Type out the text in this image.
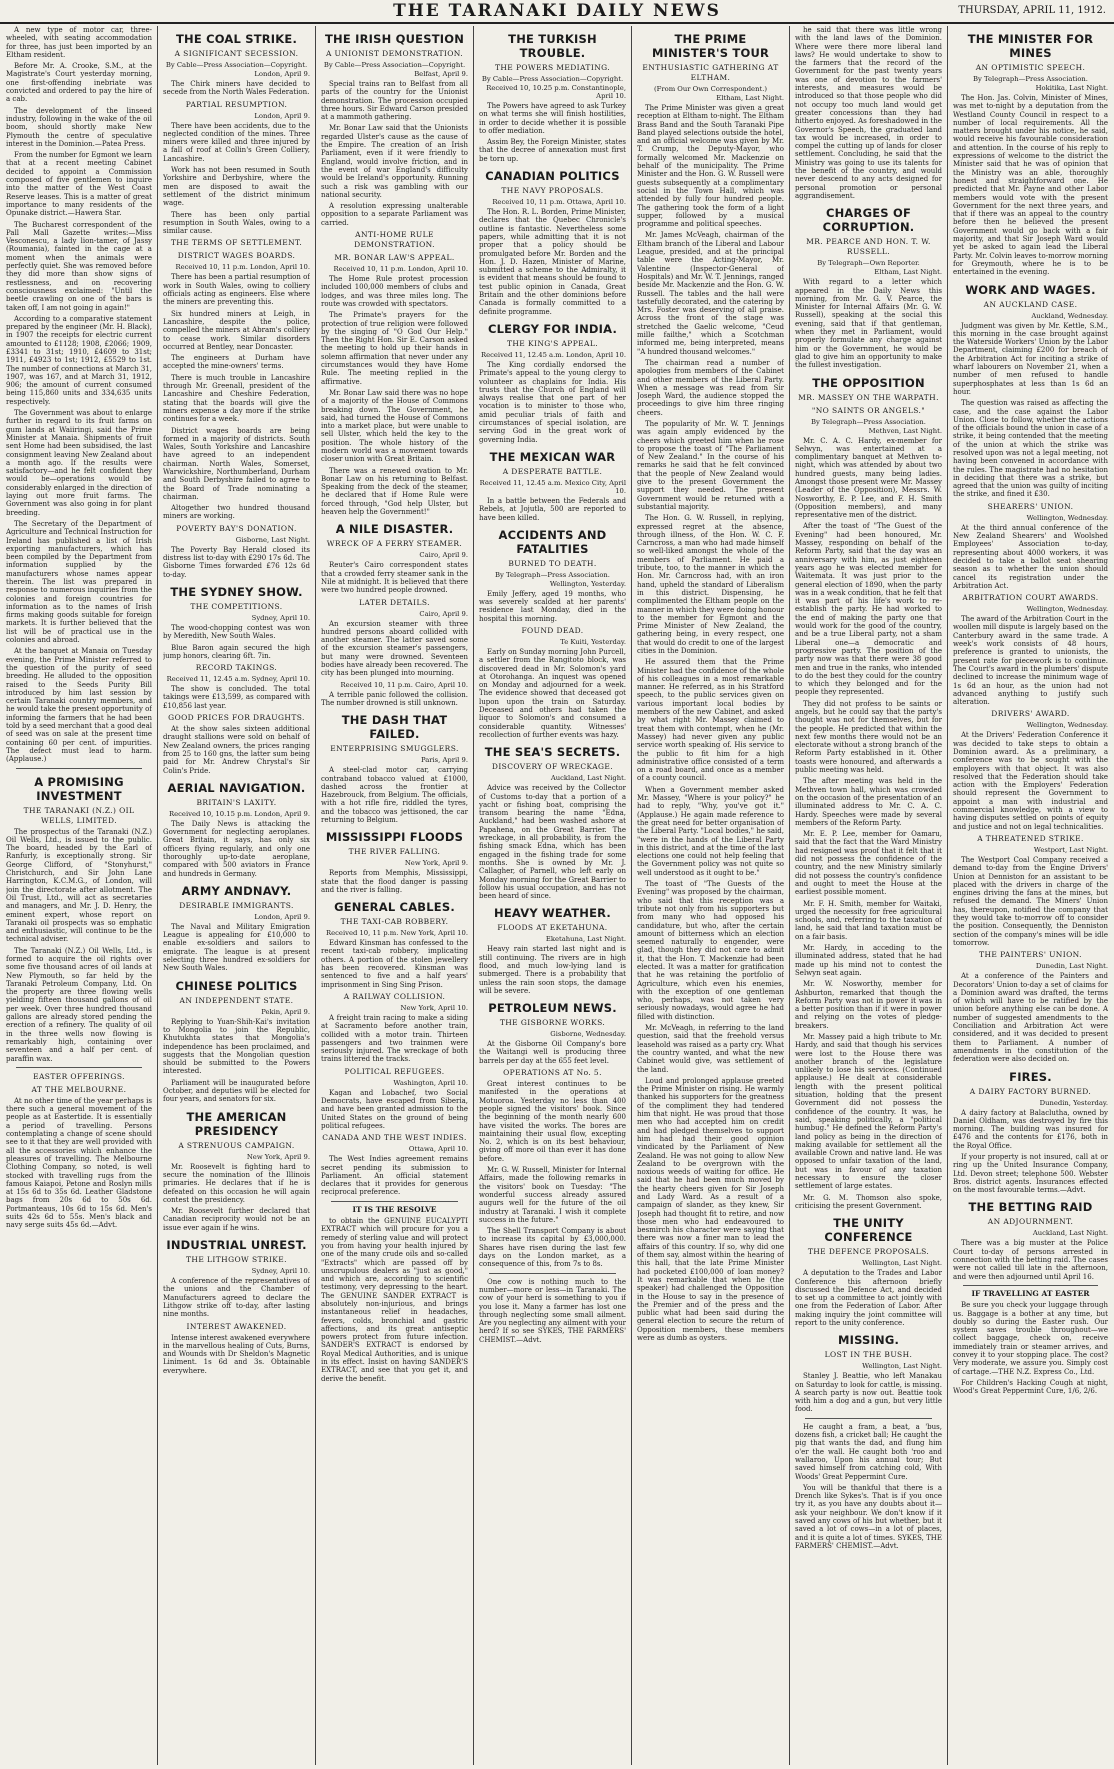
THE TARANAKI DAILY NEWS	THURSDAY, APRIL 11, 1912.

A new type of motor car, three-wheeled, with seating accommodation for three, has just been imported by an Eltham resident.

Before Mr. A. Crooke, S.M., at the Magistrate's Court yesterday morning, one first-offending inebriate was convicted and ordered to pay the hire of a cab.

The development of the linseed industry, following in the wake of the oil boom, should shortly make New Plymouth the centre of speculative interest in the Dominion.—Patea Press.

From the number for Egmont we learn that at a recent meeting Cabinet decided to appoint a Commission composed of five gentlemen to inquire into the matter of the West Coast Reserve leases. This is a matter of great importance to many residents of the Opunake district.—Hawera Star.

The Bucharest correspondent of the Pall Mall Gazette writes:—Miss Vesconescu, a lady lion-tamer, of Jassy (Roumania), fainted in the cage at a moment when the animals were perfectly quiet. She was removed before they did more than show signs of restlessness, and on recovering consciousness exclaimed: "Until the beetle crawling on one of the bars is taken off, I am not going in again!"

According to a comparative statement prepared by the engineer (Mr. H. Black), in 1907 the receipts for electric current amounted to £1128; 1908, £2066; 1909, £3341 to 31st; 1910, £4609 to 31st; 1911, £4923 to 1st; 1912, £5529 to 1st. The number of connections at March 31, 1907, was 167, and at March 31, 1912, 906; the amount of current consumed being 115,860 units and 334,635 units respectively.

The Government was about to enlarge further in regard to its fruit farms on gum lands at Waiiringi, said the Prime Minister at Manaia. Shipments of fruit sent Home had been subsidised, the last consignment leaving New Zealand about a month ago. If the results were satisfactory—and he felt confident they would be—operations would be considerably enlarged in the direction of laying out more fruit farms. The Government was also going in for plant breeding.

The Secretary of the Department of Agriculture and Technical Instruction for Ireland has published a list of Irish exporting manufacturers, which has been compiled by the Department from information supplied by the manufacturers whose names appear therein. The list was prepared in response to numerous inquiries from the colonies and foreign countries for information as to the names of Irish firms making goods suitable for foreign markets. It is further believed that the list will be of practical use in the colonies and abroad.

At the banquet at Manaia on Tuesday evening, the Prime Minister referred to the question of the purity of seed breeding. He alluded to the opposition raised to the Seeds Purity Bill introduced by him last session by certain Taranaki country members, and he would take the present opportunity of informing the farmers that he had been told by a seed merchant that a good deal of seed was on sale at the present time containing 60 per cent. of impurities. The defect must lead to harm. (Applause.)

A PROMISING INVESTMENT
THE TARANAKI (N.Z.) OIL WELLS, LIMITED.

The prospectus of the Taranaki (N.Z.) Oil Wells, Ltd., is issued to the public. The board, headed by the Earl of Ranfurly, is exceptionally strong. Sir George Clifford, of "Stonyhurst," Christchurch, and Sir John Lane Harrington, K.C.M.G., of London, will join the directorate after allotment. The Oil Trust, Ltd., will act as secretaries and managers, and Mr. J. D. Henry, the eminent expert, whose report on Taranaki oil prospects was so emphatic and enthusiastic, will continue to be the technical adviser.

The Taranaki (N.Z.) Oil Wells, Ltd., is formed to acquire the oil rights over some five thousand acres of oil lands at New Plymouth, so far held by the Taranaki Petroleum Company, Ltd. On the property are three flowing wells yielding fifteen thousand gallons of oil per week. Over three hundred thousand gallons are already stored pending the erection of a refinery. The quality of oil in the three wells now flowing is remarkably high, containing over seventeen and a half per cent. of paraffin wax.

EASTER OFFERINGS.
AT THE MELBOURNE.

At no other time of the year perhaps is there such a general movement of the people as at Eastertide. It is essentially a period of travelling. Persons contemplating a change of scene should see to it that they are well provided with all the accessories which enhance the pleasures of travelling. The Melbourne Clothing Company, so noted, is well stocked with travelling rugs from the famous Kaiapoi, Petone and Roslyn mills at 15s 6d to 35s 6d. Leather Gladstone bags from 20s 6d to 50s 6d. Portmanteaus, 10s 6d to 15s 6d. Men's suits 42s 6d to 55s. Men's black and navy serge suits 45s 6d.—Advt.

THE COAL STRIKE.
A SIGNIFICANT SECESSION.
By Cable—Press Association—Copyright.
London, April 9.

The Chirk miners have decided to secede from the North Wales Federation.

PARTIAL RESUMPTION.
London, April 9.

There have been accidents, due to the neglected condition of the mines. Three miners were killed and three injured by a fall of roof at Collin's Green Colliery, Lancashire.

Work has not been resumed in South Yorkshire and Derbyshire, where the men are disposed to await the settlement of the district minimum wage.

There has been only partial resumption in South Wales, owing to a similar cause.

THE TERMS OF SETTLEMENT.
DISTRICT WAGES BOARDS.
Received 10, 11 p.m. London, April 10.

There has been a partial resumption of work in South Wales, owing to colliery officials acting as engineers. Else where the miners are preventing this.

Six hundred miners at Leigh, in Lancashire, despite the police, compelled the miners at Abram's colliery to cease work. Similar disorders occurred at Bentley, near Doncaster.

The engineers at Durham have accepted the mine-owners' terms.

There is much trouble in Lancashire through Mr. Greenall, president of the Lancashire and Cheshire Federation, stating that the boards will give the miners expense a day more if the strike continues for a week.

District wages boards are being formed in a majority of districts. South Wales, South Yorkshire and Lancashire have agreed to an independent chairman. North Wales, Somerset, Warwickshire, Northumberland, Durham and South Derbyshire failed to agree to the Board of Trade nominating a chairman.

Altogether two hundred thousand miners are working.

POVERTY BAY'S DONATION.
Gisborne, Last Night.

The Poverty Bay Herald closed its distress list to-day with £290 17s 6d. The Gisborne Times forwarded £76 12s 6d to-day.

THE SYDNEY SHOW.
THE COMPETITIONS.
Sydney, April 10.

The wood-chopping contest was won by Meredith, New South Wales.

Blue Baron again secured the high jump honors, clearing 6ft. 7in.

RECORD TAKINGS.
Received 11, 12.45 a.m. Sydney, April 10.

The show is concluded. The total takings were £13,599, as compared with £10,856 last year.

GOOD PRICES FOR DRAUGHTS.

At the show sales sixteen additional draught stallions were sold on behalf of New Zealand owners, the prices ranging from 25 to 160 gns, the latter sum being paid for Mr. Andrew Chrystal's Sir Colin's Pride.

AERIAL NAVIGATION.
BRITAIN'S LAXITY.
Received 10, 10.15 p.m. London, April 9.

The Daily News is attacking the Government for neglecting aeroplanes. Great Britain, it says, has only six officers flying regularly, and only one thoroughly up-to-date aeroplane, compared with 500 aviators in France and hundreds in Germany.

ARMY ANDNAVY.
DESIRABLE IMMIGRANTS.
London, April 9.

The Naval and Military Emigration League is appealing for £10,000 to enable ex-soldiers and sailors to emigrate. The league is at present selecting three hundred ex-soldiers for New South Wales.

CHINESE POLITICS
AN INDEPENDENT STATE.
Pekin, April 9.

Replying to Yuan-Shih-Kai's invitation to Mongolia to join the Republic, Khutukhta states that Mongolia's independence has been proclaimed, and suggests that the Mongolian question should be submitted to the Powers interested.

Parliament will be inaugurated before October, and deputies will be elected for four years, and senators for six.

THE AMERICAN PRESIDENCY
A STRENUOUS CAMPAIGN.
New York, April 9.

Mr. Roosevelt is fighting hard to secure the nomination of the Illinois primaries. He declares that if he is defeated on this occasion he will again contest the presidency.

Mr. Roosevelt further declared that Canadian reciprocity would not be an issue ever again if he wins.

INDUSTRIAL UNREST.
THE LITHGOW STRIKE.
Sydney, April 10.

A conference of the representatives of the unions and the Chamber of Manufacturers agreed to declare the Lithgow strike off to-day, after lasting nine months.

INTEREST AWAKENED.

Intense interest awakened everywhere in the marvellous healing of Cuts, Burns, and Wounds with Dr Sheldon's Magnetic Liniment. 1s 6d and 3s. Obtainable everywhere.

THE IRISH QUESTION
A UNIONIST DEMONSTRATION.
By Cable—Press Association—Copyright.
Belfast, April 9.

Special trains ran to Belfast from all parts of the country for the Unionist demonstration. The procession occupied three hours. Sir Edward Carson presided at a mammoth gathering.

Mr. Bonar Law said that the Unionists regarded Ulster's cause as the cause of the Empire. The creation of an Irish Parliament, even if it were friendly to England, would involve friction, and in the event of war England's difficulty would be Ireland's opportunity. Running such a risk was gambling with our national security.

A resolution expressing unalterable opposition to a separate Parliament was carried.

ANTI-HOME RULE DEMONSTRATION.
MR. BONAR LAW'S APPEAL.
Received 10, 11 p.m. London, April 10.

The Home Rule protest procession included 100,000 members of clubs and lodges, and was three miles long. The route was crowded with spectators.

The Primate's prayers for the protection of true religion were followed by the singing of "O God Our Help." Then the Right Hon. Sir E. Carson asked the meeting to hold up their hands in solemn affirmation that never under any circumstances would they have Home Rule. The meeting replied in the affirmative.

Mr. Bonar Law said there was no hope of a majority of the House of Commons breaking down. The Government, he said, had turned the House of Commons into a market place, but were unable to sell Ulster, which held the key to the position. The whole history of the modern world was a movement towards closer union with Great Britain.

There was a renewed ovation to Mr. Bonar Law on his returning to Belfast. Speaking from the deck of the steamer, he declared that if Home Rule were forced through, "God help Ulster, but heaven help the Government!"

A NILE DISASTER.
WRECK OF A FERRY STEAMER.
Cairo, April 9.

Reuter's Cairo correspondent states that a crowded ferry steamer sank in the Nile at midnight. It is believed that there were two hundred people drowned.

LATER DETAILS.
Cairo, April 9.

An excursion steamer with three hundred persons aboard collided with another steamer. The latter saved some of the excursion steamer's passengers, but many were drowned. Seventeen bodies have already been recovered. The city has been plunged into mourning.

Received 10, 11 p.m. Cairo, April 10.

A terrible panic followed the collision. The number drowned is still unknown.

THE DASH THAT FAILED.
ENTERPRISING SMUGGLERS.
Paris, April 9.

A steel-clad motor car, carrying contraband tobacco valued at £1000, dashed across the frontier at Hazebrouck, from Belgium. The officials, with a hot rifle fire, riddled the tyres, and the tobacco was jettisoned, the car returning to Belgium.

MISSISSIPPI FLOODS
THE RIVER FALLING.
New York, April 9.

Reports from Memphis, Mississippi, state that the flood danger is passing and the river is falling.

GENERAL CABLES.
THE TAXI-CAB ROBBERY.
Received 10, 11 p.m. New York, April 10.

Edward Kinsman has confessed to the recent taxi-cab robbery, implicating others. A portion of the stolen jewellery has been recovered. Kinsman was sentenced to five and a half years' imprisonment in Sing Sing Prison.

A RAILWAY COLLISION.
New York, April 10.

A freight train racing to make a siding at Sacramento before another train, collided with a motor train. Thirteen passengers and two trainmen were seriously injured. The wreckage of both trains littered the tracks.

POLITICAL REFUGEES.
Washington, April 10.

Kagan and Lobachef, two Social Democrats, have escaped from Siberia, and have been granted admission to the United States on the ground of being political refugees.

CANADA AND THE WEST INDIES.
Ottawa, April 10.

The West Indies agreement remains secret pending its submission to Parliament. An official statement declares that it provides for generous reciprocal preference.

IT IS THE RESOLVE

to obtain the GENUINE EUCALYPTI EXTRACT which will procure for you a remedy of sterling value and will protect you from having your health injured by one of the many crude oils and so-called "Extracts" which are passed off by unscrupulous dealers as "just as good," and which are, according to scientific testimony, very depressing to the heart. The GENUINE SANDER EXTRACT is absolutely non-injurious, and brings instantaneous relief in headaches, fevers, colds, bronchial and gastric affections, and its great antiseptic powers protect from future infection. SANDER'S EXTRACT is endorsed by Royal Medical Authorities, and is unique in its effect. Insist on having SANDER'S EXTRACT, and see that you get it, and derive the benefit.

THE TURKISH TROUBLE.
THE POWERS MEDIATING.
By Cable—Press Association—Copyright.
Received 10, 10.25 p.m. Constantinople, April 10.

The Powers have agreed to ask Turkey on what terms she will finish hostilities, in order to decide whether it is possible to offer mediation.

Assim Bey, the Foreign Minister, states that the decree of annexation must first be torn up.

CANADIAN POLITICS
THE NAVY PROPOSALS.
Received 10, 11 p.m. Ottawa, April 10.

The Hon. R. L. Borden, Prime Minister, declares that the Quebec Chronicle's outline is fantastic. Nevertheless some papers, while admitting that it is not proper that a policy should be promulgated before Mr. Borden and the Hon. J. D. Hazen, Minister of Marine, submitted a scheme to the Admiralty, it is evident that means should be found to test public opinion in Canada, Great Britain and the other dominions before Canada is formally committed to a definite programme.

CLERGY FOR INDIA.
THE KING'S APPEAL.
Received 11, 12.45 a.m. London, April 10.

The King cordially endorsed the Primate's appeal to the young clergy to volunteer as chaplains for India. His trusts that the Church of England will always realise that one part of her vocation is to minister to those who, amid peculiar trials of faith and circumstances of special isolation, are serving God in the great work of governing India.

THE MEXICAN WAR
A DESPERATE BATTLE.
Received 11, 12.45 a.m. Mexico City, April 10.

In a battle between the Federals and Rebels, at Jojutla, 500 are reported to have been killed.

ACCIDENTS AND FATALITIES
BURNED TO DEATH.
By Telegraph—Press Association.
Wellington, Yesterday.

Emily Jeffery, aged 19 months, who was severely scalded at her parents' residence last Monday, died in the hospital this morning.

FOUND DEAD.
Te Kuiti, Yesterday.

Early on Sunday morning John Purcell, a settler from the Rangitoto block, was discovered dead in Mr. Solomon's yard at Otorohanga. An inquest was opened on Monday and adjourned for a week. The evidence showed that deceased got lupon upon the train on Saturday. Deceased and others had taken the liquor to Solomon's and consumed a considerable quantity. Witnesses' recollection of further events was hazy.

THE SEA'S SECRETS.
DISCOVERY OF WRECKAGE.
Auckland, Last Night.

Advice was received by the Collector of Customs to-day that a portion of a yacht or fishing boat, comprising the transom bearing the name "Edna, Auckland," had been washed ashore at Papahena, on the Great Barrier. The wreckage, in all probability, is from the fishing smack Edna, which has been engaged in the fishing trade for some months. She is owned by Mr. J. Callagher, of Parnell, who left early on Monday morning for the Great Barrier to follow his usual occupation, and has not been heard of since.

HEAVY WEATHER.
FLOODS AT EKETAHUNA.
Eketahuna, Last Night.

Heavy rain started last night and is still continuing. The rivers are in high flood, and much low-lying land is submerged. There is a probability that unless the rain soon stops, the damage will be severe.

PETROLEUM NEWS.
THE GISBORNE WORKS.
Gisborne, Wednesday.

At the Gisborne Oil Company's bore the Waitangi well is producing three barrels per day at the 655 feet level.

OPERATIONS AT No. 5.

Great interest continues to be manifested in the operations at Motuoroa. Yesterday no less than 400 people signed the visitors' book. Since the beginning of the month nearly 600 have visited the works. The bores are maintaining their usual flow, excepting No. 2, which is on its best behaviour, giving off more oil than ever it has done before.

Mr. G. W. Russell, Minister for Internal Affairs, made the following remarks in the visitors' book on Tuesday: "The wonderful success already assured augurs well for the future of the oil industry at Taranaki. I wish it complete success in the future."

The Shell Transport Company is about to increase its capital by £3,000,000. Shares have risen during the last few days on the London market, as a consequence of this, from 7s to 8s.

One cow is nothing much to the number—more or less—in Taranaki. The cow of your herd is something to you if you lose it. Many a farmer has lost one through neglecting some small ailment. Are you neglecting any ailment with your herd? If so see SYKES, THE FARMERS' CHEMIST.—Advt.

THE PRIME MINISTER'S TOUR
ENTHUSIASTIC GATHERING AT ELTHAM.
(From Our Own Correspondent.)
Eltham, Last Night.

The Prime Minister was given a great reception at Eltham to-night. The Eltham Brass Band and the South Taranaki Pipe Band played selections outside the hotel, and an official welcome was given by Mr. T. Crump, the Deputy-Mayor, who formally welcomed Mr. Mackenzie on behalf of the municipality. The Prime Minister and the Hon. G. W. Russell were guests subsequently at a complimentary social in the Town Hall, which was attended by fully four hundred people. The gathering took the form of a light supper, followed by a musical programme and political speeches.

Mr. James McVeagh, chairman of the Eltham branch of the Liberal and Labour League, presided, and at the principal table were the Acting-Mayor, Mr. Valentine (Inspector-General of Hospitals) and Mr. W. T. Jennings, ranged beside Mr. Mackenzie and the Hon. G. W. Russell. The tables and the hall were tastefully decorated, and the catering by Mrs. Foster was deserving of all praise. Across the front of the stage was stretched the Gaelic welcome, "Ceud mille failthe," which a Scotchman informed me, being interpreted, means "A hundred thousand welcomes."

The chairman read a number of apologies from members of the Cabinet and other members of the Liberal Party. When a message was read from Sir Joseph Ward, the audience stopped the proceedings to give him three ringing cheers.

The popularity of Mr. W. T. Jennings was again amply evidenced by the cheers which greeted him when he rose to propose the toast of "The Parliament of New Zealand." In the course of his remarks he said that he felt convinced that the people of New Zealand would give to the present Government the support they needed. The present Government would be returned with a substantial majority.

The Hon. G. W. Russell, in replying, expressed regret at the absence, through illness, of the Hon. W. C. F. Carncross, a man who had made himself so well-liked amongst the whole of the members of Parliament. He paid a tribute, too, to the manner in which the Hon. Mr. Carncross had, with an iron hand, upheld the standard of Liberalism in this district. Dispensing, he complimented the Eltham people on the manner in which they were doing honour to the member for Egmont and the Prime Minister of New Zealand, the gathering being, in every respect, one that would do credit to one of the largest cities in the Dominion.

He assured them that the Prime Minister had the confidence of the whole of his colleagues in a most remarkable manner. He referred, as in his Stratford speech, to the public services given on various important local bodies by members of the new Cabinet, and asked by what right Mr. Massey claimed to treat them with contempt, when he (Mr. Massey) had never given any public service worth speaking of. His service to the public to fit him for a high administrative office consisted of a term on a road board, and once as a member of a county council.

When a Government member asked Mr. Massey, "Where is your policy?" he had to reply, "Why, you've got it." (Applause.) He again made reference to the great need for better organisation of the Liberal Party. "Local bodies," he said, "were in the hands of the Liberal Party in this district, and at the time of the last elections one could not help feeling that the Government policy was not quite so well understood as it ought to be."

The toast of "The Guests of the Evening" was proposed by the chairman, who said that this reception was a tribute not only from his supporters but from many who had opposed his candidature, but who, after the certain amount of bitterness which an election seemed naturally to engender, were glad, though they did not care to admit it, that the Hon. T. Mackenzie had been elected. It was a matter for gratification that he was retaining the portfolio of Agriculture, which even his enemies, with the exception of one gentleman who, perhaps, was not taken very seriously nowadays, would agree he had filled with distinction.

Mr. McVeagh, in referring to the land question, said that the freehold versus leasehold was raised as a party cry. What the country wanted, and what the new Cabinet would give, was settlement of the land.

Loud and prolonged applause greeted the Prime Minister on rising. He warmly thanked his supporters for the greatness of the compliment they had tendered him that night. He was proud that those men who had accepted him on credit and had pledged themselves to support him had had their good opinion vindicated by the Parliament of New Zealand. He was not going to allow New Zealand to be overgrown with the noxious weeds of waiting for office. He said that he had been much moved by the hearty cheers given for Sir Joseph and Lady Ward. As a result of a campaign of slander, as they knew, Sir Joseph had thought fit to retire, and now those men who had endeavoured to besmirch his character were saying that there was now a finer man to lead the affairs of this country. If so, why did one of them say, almost within the hearing of this hall, that the late Prime Minister had pocketed £100,000 of loan money? It was remarkable that when he (the speaker) had challenged the Opposition in the House to say in the presence of the Premier and of the press and the public what had been said during the general election to secure the return of Opposition members, these members were as dumb as oysters.

he said that there was little wrong with the land laws of the Dominion. Where were there more liberal land laws? He would undertake to show to the farmers that the record of the Government for the past twenty years was one of devotion to the farmers' interests, and measures would be introduced so that those people who did not occupy too much land would get greater concessions than they had hitherto enjoyed. As foreshadowed in the Governor's Speech, the graduated land tax would be increased, in order to compel the cutting up of lands for closer settlement. Concluding, he said that the Ministry was going to use its talents for the benefit of the country, and would never descend to any acts designed for personal promotion or personal aggrandisement.

CHARGES OF CORRUPTION.
MR. PEARCE AND HON. T. W. RUSSELL.
By Telegraph—Own Reporter.
Eltham, Last Night.

With regard to a letter which appeared in the Daily News this morning, from Mr. G. V. Pearce, the Minister for Internal Affairs (Mr. G. W. Russell), speaking at the social this evening, said that if that gentleman, when they met in Parliament, would properly formulate any charge against him or the Government, he would be glad to give him an opportunity to make the fullest investigation.

THE OPPOSITION
MR. MASSEY ON THE WARPATH.
"NO SAINTS OR ANGELS."
By Telegraph—Press Association.
Methven, Last Night.

Mr. C. A. C. Hardy, ex-member for Selwyn, was entertained at a complimentary banquet at Methven to-night, which was attended by about two hundred guests, many being ladies. Amongst those present were Mr. Massey (Leader of the Opposition), Messrs. W. Nosworthy, E. P. Lee, and F. H. Smith (Opposition members), and many representative men of the district.

After the toast of "The Guest of the Evening" had been honoured, Mr. Massey, responding on behalf of the Reform Party, said that the day was an anniversary with him, as just eighteen years ago he was elected member for Waitemata. It was just prior to the general election of 1890, when the party was in a weak condition, that he felt that it was part of his life's work to re-establish the party. He had worked to the end of making the party one that would work for the good of the country, and be a true Liberal party, not a sham Liberal one—a democratic and progressive party. The position of the party now was that there were 38 good men and true in the ranks, who intended to do the best they could for the country to which they belonged and for the people they represented.

They did not profess to be saints or angels, but he could say that the party's thought was not for themselves, but for the people. He predicted that within the next few months there would not be an electorate without a strong branch of the Reform Party established in it. Other toasts were honoured, and afterwards a public meeting was held.

The after meeting was held in the Methven town hall, which was crowded on the occasion of the presentation of an illuminated address to Mr. C. A. C. Hardy. Speeches were made by several members of the Reform Party.

Mr. E. P. Lee, member for Oamaru, said that the fact that the Ward Ministry had resigned was proof that it felt that it did not possess the confidence of the country, and the new Ministry similarly did not possess the country's confidence and ought to meet the House at the earliest possible moment.

Mr. F. H. Smith, member for Waitaki, urged the necessity for free agricultural schools, and, referring to the taxation of land, he said that land taxation must be on a fair basis.

Mr. Hardy, in acceding to the illuminated address, stated that he had made up his mind not to contest the Selwyn seat again.

Mr. W. Nosworthy, member for Ashburton, remarked that though the Reform Party was not in power it was in a better position than if it were in power and relying on the votes of pledge-breakers.

Mr. Massey paid a high tribute to Mr. Hardy, and said that though his services were lost to the House there was another branch of the legislature unlikely to lose his services. (Continued applause.) He dealt at considerable length with the present political situation, holding that the present Government did not possess the confidence of the country. It was, he said, speaking politically, a "political humbug." He defined the Reform Party's land policy as being in the direction of making available for settlement all the available Crown and native land. He was opposed to unfair taxation of the land, but was in favour of any taxation necessary to ensure the closer settlement of large estates.

Mr. G. M. Thomson also spoke, criticising the present Government.

THE UNITY CONFERENCE
THE DEFENCE PROPOSALS.
Wellington, Last Night.

A deputation to the Trades and Labor Conference this afternoon briefly discussed the Defence Act, and decided to set up a committee to act jointly with one from the Federation of Labor. After making inquiry the joint committee will report to the unity conference.

MISSING.
LOST IN THE BUSH.
Wellington, Last Night.

Stanley J. Beattie, who left Manakau on Saturday to look for cattle, is missing. A search party is now out. Beattie took with him a dog and a gun, but very little food.

He caught a fram, a beat, a 'bus, dozens fish, a cricket ball; He caught the pig that wants the dad, and flung him o'er the wall. He caught both 'roo and wallaroo, Upon his annual tour; But saved himself from catching cold, With Woods' Great Peppermint Cure.

You will be thankful that there is a Drench like Sykes's. That is if you once try it, as you have any doubts about it—ask your neighbour. We don't know if it saved any cows of his but whether, but it saved a lot of cows—in a lot of places, and it is quite a lot of times. SYKES, THE FARMERS' CHEMIST.—Advt.

THE MINISTER FOR MINES
AN OPTIMISTIC SPEECH.
By Telegraph—Press Association.
Hokitika, Last Night.

The Hon. Jas. Colvin, Minister of Mines, was met to-night by a deputation from the Westland County Council in respect to a number of local requirements. All the matters brought under his notice, he said, would receive his favourable consideration and attention. In the course of his reply to expressions of welcome to the district the Minister said that he was of opinion that the Ministry was an able, thoroughly honest and straightforward one. He predicted that Mr. Payne and other Labor members would vote with the present Government for the next three years, and that if there was an appeal to the country before then he believed the present Government would go back with a fair majority, and that Sir Joseph Ward would yet be asked to again lead the Liberal Party. Mr. Colvin leaves to-morrow morning for Greymouth, where he is to be entertained in the evening.

WORK AND WAGES.
AN AUCKLAND CASE.
Auckland, Wednesday.

Judgment was given by Mr. Kettle, S.M., this morning in the case brought against the Waterside Workers' Union by the Labor Department, claiming £200 for breach of the Arbitration Act for inciting a strike of wharf labourers on November 21, when a number of men refused to handle superphosphates at less than 1s 6d an hour.

The question was raised as affecting the case, and the case against the Labor Union. Close to follow, whether the actions of the officials bound the union in case of a strike, it being contended that the meeting of the union at which the strike was resolved upon was not a legal meeting, not having been convened in accordance with the rules. The magistrate had no hesitation in deciding that there was a strike, but agreed that the union was guilty of inciting the strike, and fined it £30.

SHEARERS' UNION.
Wellington, Wednesday.

At the third annual conference of the New Zealand Shearers' and Woolshed Employees' Association to-day, representing about 4000 workers, it was decided to take a ballot seat shearing season as to whether the union should cancel its registration under the Arbitration Act.

ARBITRATION COURT AWARDS.
Wellington, Wednesday.

The award of the Arbitration Court in the woollen mill dispute is largely based on the Canterbury award in the same trade. A week's work consists of 48 hours, preference is granted to unionists, the present rate for piecework is to continue. The Court's award in the plumbers' dispute declined to increase the minimum wage of 1s 6d an hour, as the union had not advanced anything to justify such alteration.

DRIVERS' AWARD.
Wellington, Wednesday.

At the Drivers' Federation Conference it was decided to take steps to obtain a Dominion award. As a preliminary, a conference was to be sought with the employers with that object. It was also resolved that the Federation should take action with the Employers' Federation should represent the Government to appoint a man with industrial and commercial knowledge, with a view to having disputes settled on points of equity and justice and not on legal technicalities.

A THREATENED STRIKE.
Westport, Last Night.

The Westport Coal Company received a demand to-day from the Engine Drivers' Union at Denniston for an assistant to be placed with the drivers in charge of the engines driving the fans at the mines, but refused the demand. The Miners' Union has, thereupon, notified the company that they would take to-morrow off to consider the position. Consequently, the Denniston section of the company's mines will be idle tomorrow.

THE PAINTERS' UNION.
Dunedin, Last Night.

At a conference of the Painters and Decorators' Union to-day a set of claims for a Dominion award was drafted, the terms of which will have to be ratified by the union before anything else can be done. A number of suggested amendments to the Conciliation and Arbitration Act were considered, and it was decided to present them to Parliament. A number of amendments in the constitution of the federation were also decided on.

FIRES.
A DAIRY FACTORY BURNED.
Dunedin, Yesterday.

A dairy factory at Balaclutha, owned by Daniel Oldham, was destroyed by fire this morning. The building was insured for £476 and the contents for £176, both in the Royal Office.

If your property is not insured, call at or ring up the United Insurance Company, Ltd. Devon street; telephone 500. Webster Bros. district agents. Insurances effected on the most favourable terms.—Advt.

THE BETTING RAID
AN ADJOURNMENT.
Auckland, Last Night.

There was a big muster at the Police Court to-day of persons arrested in connection with the betting raid. The cases were not called till late in the afternoon, and were then adjourned until April 16.

IF TRAVELLING AT EASTER

Be sure you check your luggage through us. Baggage is a bother at any time, but doubly so during the Easter rush. Our system saves trouble throughout—we collect baggage, check on, receive immediately train or steamer arrives, and convey it to your stopping place. The cost? Very moderate, we assure you. Simply cost of cartage.—THE N.Z. Express Co., Ltd.

For Children's Hacking Cough at night, Wood's Great Peppermint Cure, 1/6, 2/6.
